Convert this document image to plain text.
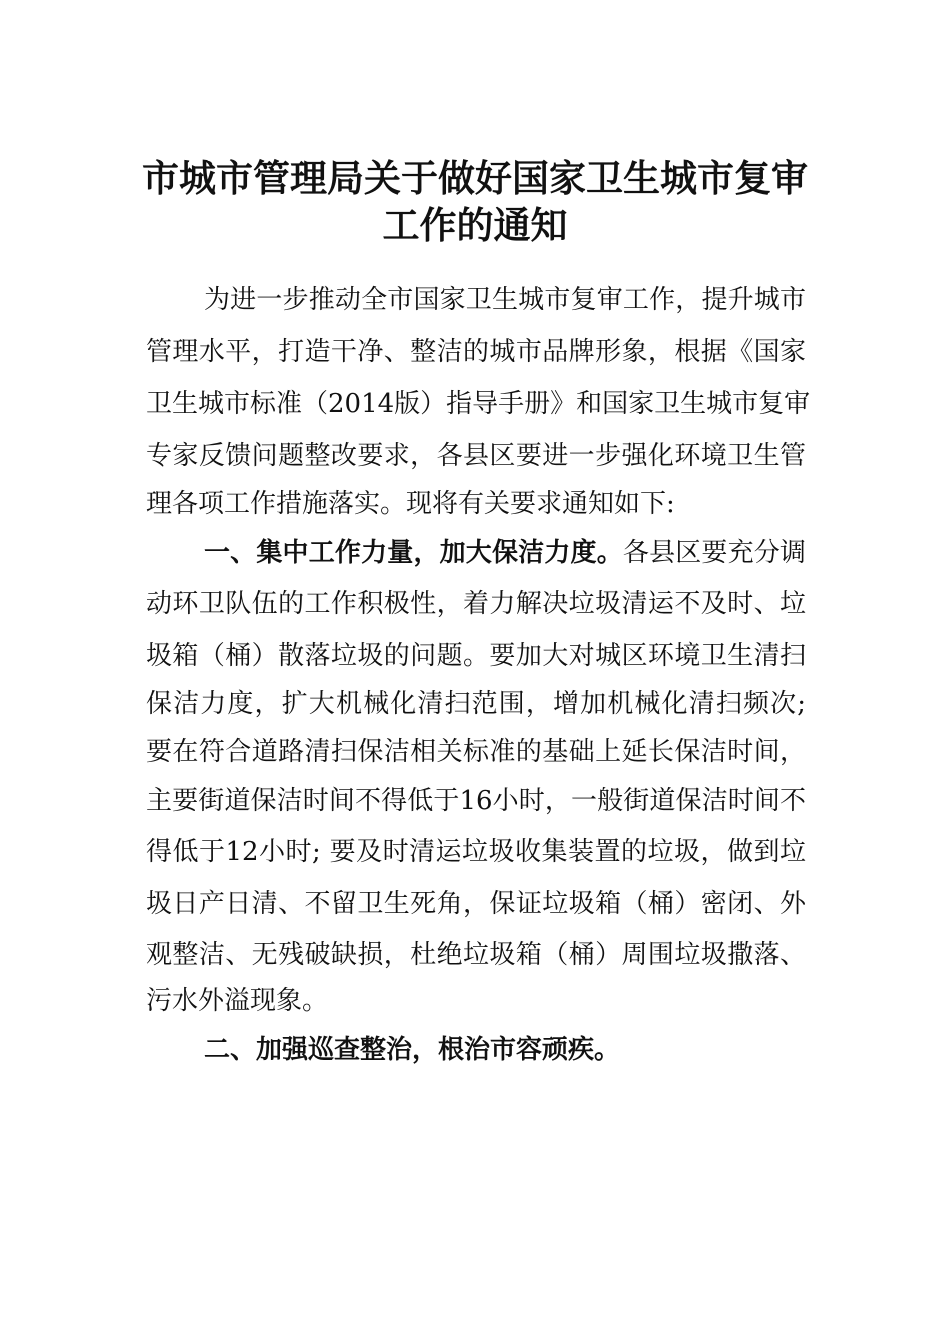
市城市管理局关于做好国家卫生城市复审
工作的通知
为进一步推动全市国家卫生城市复审工作，提升城市
管理水平，打造干净、整洁的城市品牌形象，根据《国家
卫生城市标准（2014版）指导手册》和国家卫生城市复审
专家反馈问题整改要求，各县区要进一步强化环境卫生管
理各项工作措施落实。现将有关要求通知如下:
一、集中工作力量，加大保洁力度。各县区要充分调
动环卫队伍的工作积极性，着力解决垃圾清运不及时、垃
圾箱（桶）散落垃圾的问题。要加大对城区环境卫生清扫
保洁力度，扩大机械化清扫范围，增加机械化清扫频次;
要在符合道路清扫保洁相关标准的基础上延长保洁时间，
主要街道保洁时间不得低于16小时，一般街道保洁时间不
得低于12小时; 要及时清运垃圾收集装置的垃圾，做到垃
圾日产日清、不留卫生死角，保证垃圾箱（桶）密闭、外
观整洁、无残破缺损，杜绝垃圾箱（桶）周围垃圾撒落、
污水外溢现象。
二、加强巡查整治，根治市容顽疾。
